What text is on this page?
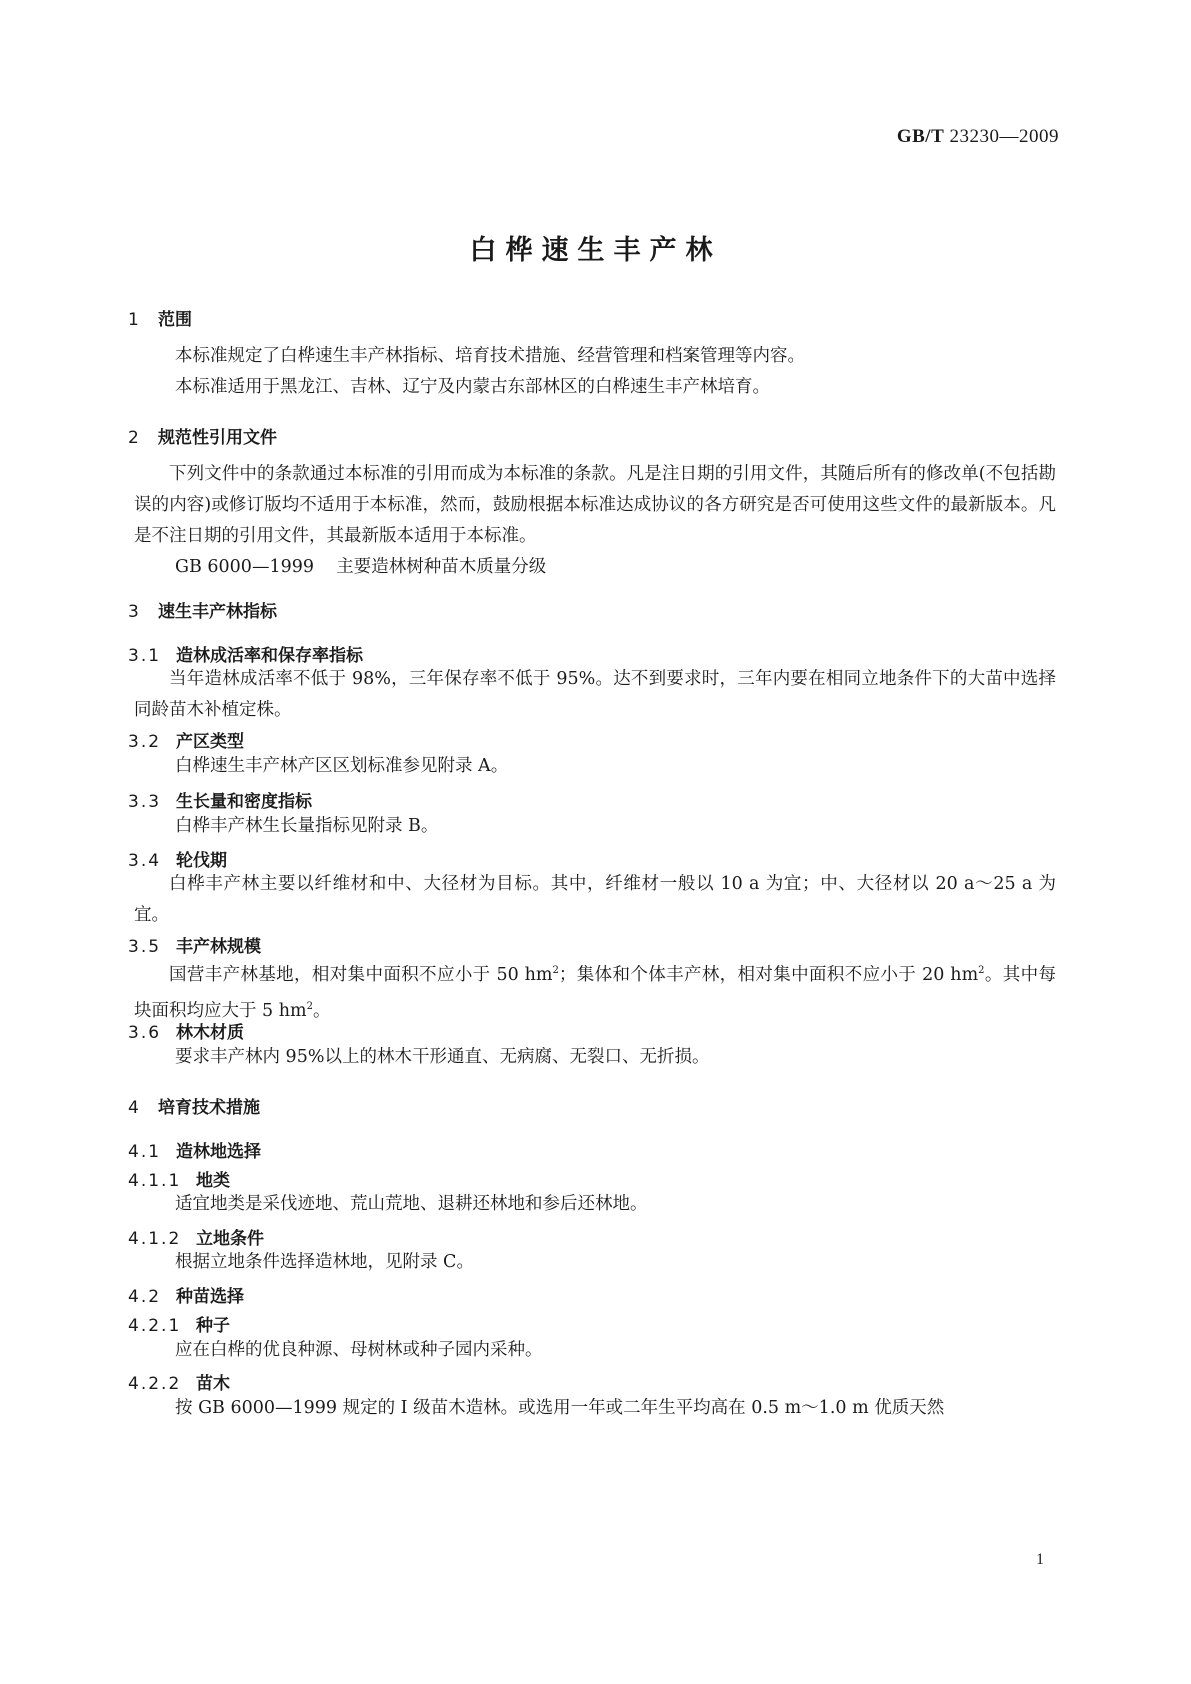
GB/T 23230—2009
白桦速生丰产林
1 范围
本标准规定了白桦速生丰产林指标、培育技术措施、经营管理和档案管理等内容。
本标准适用于黑龙江、吉林、辽宁及内蒙古东部林区的白桦速生丰产林培育。
2 规范性引用文件
下列文件中的条款通过本标准的引用而成为本标准的条款。凡是注日期的引用文件，其随后所有的修改单(不包括勘误的内容)或修订版均不适用于本标准，然而，鼓励根据本标准达成协议的各方研究是否可使用这些文件的最新版本。凡是不注日期的引用文件，其最新版本适用于本标准。
GB 6000—1999 主要造林树种苗木质量分级
3 速生丰产林指标
3.1 造林成活率和保存率指标
当年造林成活率不低于 98%，三年保存率不低于 95%。达不到要求时，三年内要在相同立地条件下的大苗中选择同龄苗木补植定株。
3.2 产区类型
白桦速生丰产林产区区划标准参见附录 A。
3.3 生长量和密度指标
白桦丰产林生长量指标见附录 B。
3.4 轮伐期
白桦丰产林主要以纤维材和中、大径材为目标。其中，纤维材一般以 10 a 为宜；中、大径材以 20 a～25 a 为宜。
3.5 丰产林规模
国营丰产林基地，相对集中面积不应小于 50 $hm^2$；集体和个体丰产林，相对集中面积不应小于 20 $hm^2$。其中每块面积均应大于 5 $hm^2$。
3.6 林木材质
要求丰产林内 95%以上的林木干形通直、无病腐、无裂口、无折损。
4 培育技术措施
4.1 造林地选择
4.1.1 地类
适宜地类是采伐迹地、荒山荒地、退耕还林地和参后还林地。
4.1.2 立地条件
根据立地条件选择造林地，见附录 C。
4.2 种苗选择
4.2.1 种子
应在白桦的优良种源、母树林或种子园内采种。
4.2.2 苗木
按 GB 6000—1999 规定的 Ⅰ 级苗木造林。或选用一年或二年生平均高在 0.5 m～1.0 m 优质天然
1
